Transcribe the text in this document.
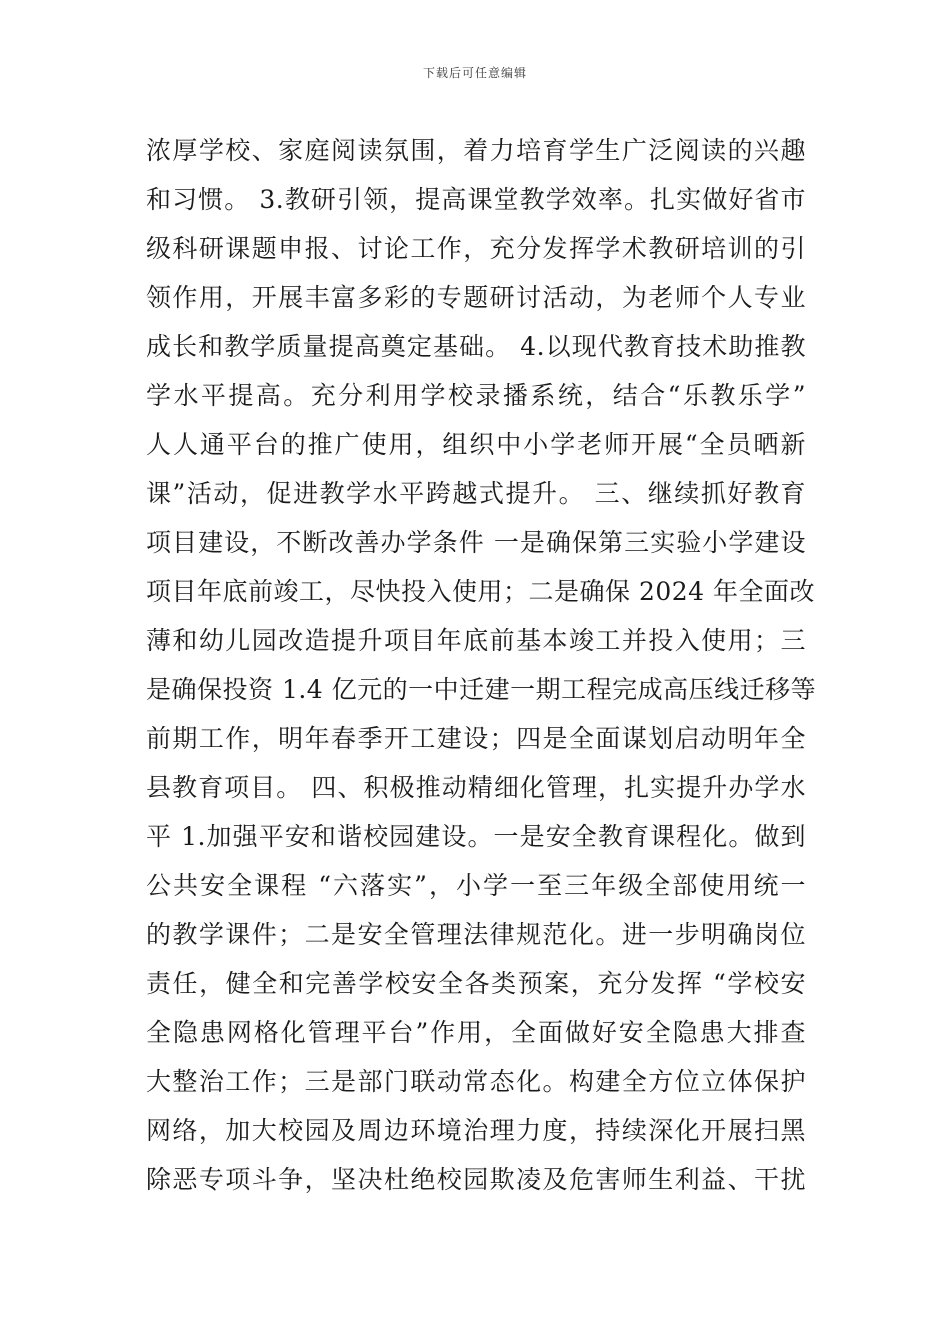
下载后可任意编辑
浓厚学校、家庭阅读氛围，着力培育学生广泛阅读的兴趣
和习惯。 3.教研引领，提高课堂教学效率。扎实做好省市
级科研课题申报、讨论工作，充分发挥学术教研培训的引
领作用，开展丰富多彩的专题研讨活动，为老师个人专业
成长和教学质量提高奠定基础。 4.以现代教育技术助推教
学水平提高。充分利用学校录播系统，结合“乐教乐学”
人人通平台的推广使用，组织中小学老师开展“全员晒新
课”活动，促进教学水平跨越式提升。 三、继续抓好教育
项目建设，不断改善办学条件 一是确保第三实验小学建设
项目年底前竣工，尽快投入使用；二是确保 2024 年全面改
薄和幼儿园改造提升项目年底前基本竣工并投入使用；三
是确保投资 1.4 亿元的一中迁建一期工程完成高压线迁移等
前期工作，明年春季开工建设；四是全面谋划启动明年全
县教育项目。 四、积极推动精细化管理，扎实提升办学水
平 1.加强平安和谐校园建设。一是安全教育课程化。做到
公共安全课程 “六落实”，小学一至三年级全部使用统一
的教学课件；二是安全管理法律规范化。进一步明确岗位
责任，健全和完善学校安全各类预案，充分发挥 “学校安
全隐患网格化管理平台”作用，全面做好安全隐患大排查
大整治工作；三是部门联动常态化。构建全方位立体保护
网络，加大校园及周边环境治理力度，持续深化开展扫黑
除恶专项斗争，坚决杜绝校园欺凌及危害师生利益、干扰
